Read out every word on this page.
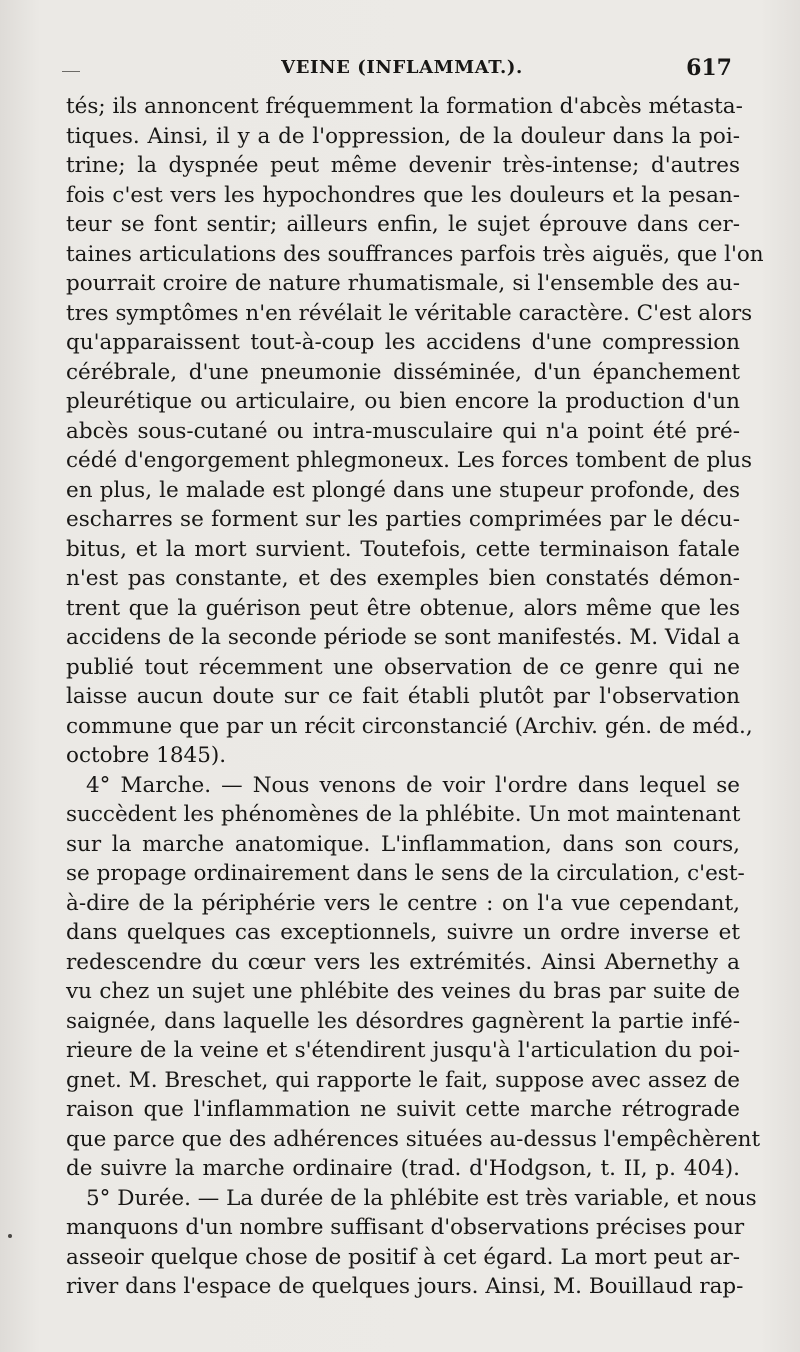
VEINE (INFLAMMAT.).	617
tés; ils annoncent fréquemment la formation d'abcès métasta-
tiques. Ainsi, il y a de l'oppression, de la douleur dans la poi-
trine; la dyspnée peut même devenir très-intense; d'autres
fois c'est vers les hypochondres que les douleurs et la pesan-
teur se font sentir; ailleurs enfin, le sujet éprouve dans cer-
taines articulations des souffrances parfois très aiguës, que l'on
pourrait croire de nature rhumatismale, si l'ensemble des au-
tres symptômes n'en révélait le véritable caractère. C'est alors
qu'apparaissent tout-à-coup les accidens d'une compression
cérébrale, d'une pneumonie disséminée, d'un épanchement
pleurétique ou articulaire, ou bien encore la production d'un
abcès sous-cutané ou intra-musculaire qui n'a point été pré-
cédé d'engorgement phlegmoneux. Les forces tombent de plus
en plus, le malade est plongé dans une stupeur profonde, des
escharres se forment sur les parties comprimées par le décu-
bitus, et la mort survient. Toutefois, cette terminaison fatale
n'est pas constante, et des exemples bien constatés démon-
trent que la guérison peut être obtenue, alors même que les
accidens de la seconde période se sont manifestés. M. Vidal a
publié tout récemment une observation de ce genre qui ne
laisse aucun doute sur ce fait établi plutôt par l'observation
commune que par un récit circonstancié (Archiv. gén. de méd.,
octobre 1845).
4° Marche. — Nous venons de voir l'ordre dans lequel se
succèdent les phénomènes de la phlébite. Un mot maintenant
sur la marche anatomique. L'inflammation, dans son cours,
se propage ordinairement dans le sens de la circulation, c'est-
à-dire de la périphérie vers le centre : on l'a vue cependant,
dans quelques cas exceptionnels, suivre un ordre inverse et
redescendre du cœur vers les extrémités. Ainsi Abernethy a
vu chez un sujet une phlébite des veines du bras par suite de
saignée, dans laquelle les désordres gagnèrent la partie infé-
rieure de la veine et s'étendirent jusqu'à l'articulation du poi-
gnet. M. Breschet, qui rapporte le fait, suppose avec assez de
raison que l'inflammation ne suivit cette marche rétrograde
que parce que des adhérences situées au-dessus l'empêchèrent
de suivre la marche ordinaire (trad. d'Hodgson, t. II, p. 404).
5° Durée. — La durée de la phlébite est très variable, et nous
manquons d'un nombre suffisant d'observations précises pour
asseoir quelque chose de positif à cet égard. La mort peut ar-
river dans l'espace de quelques jours. Ainsi, M. Bouillaud rap-
